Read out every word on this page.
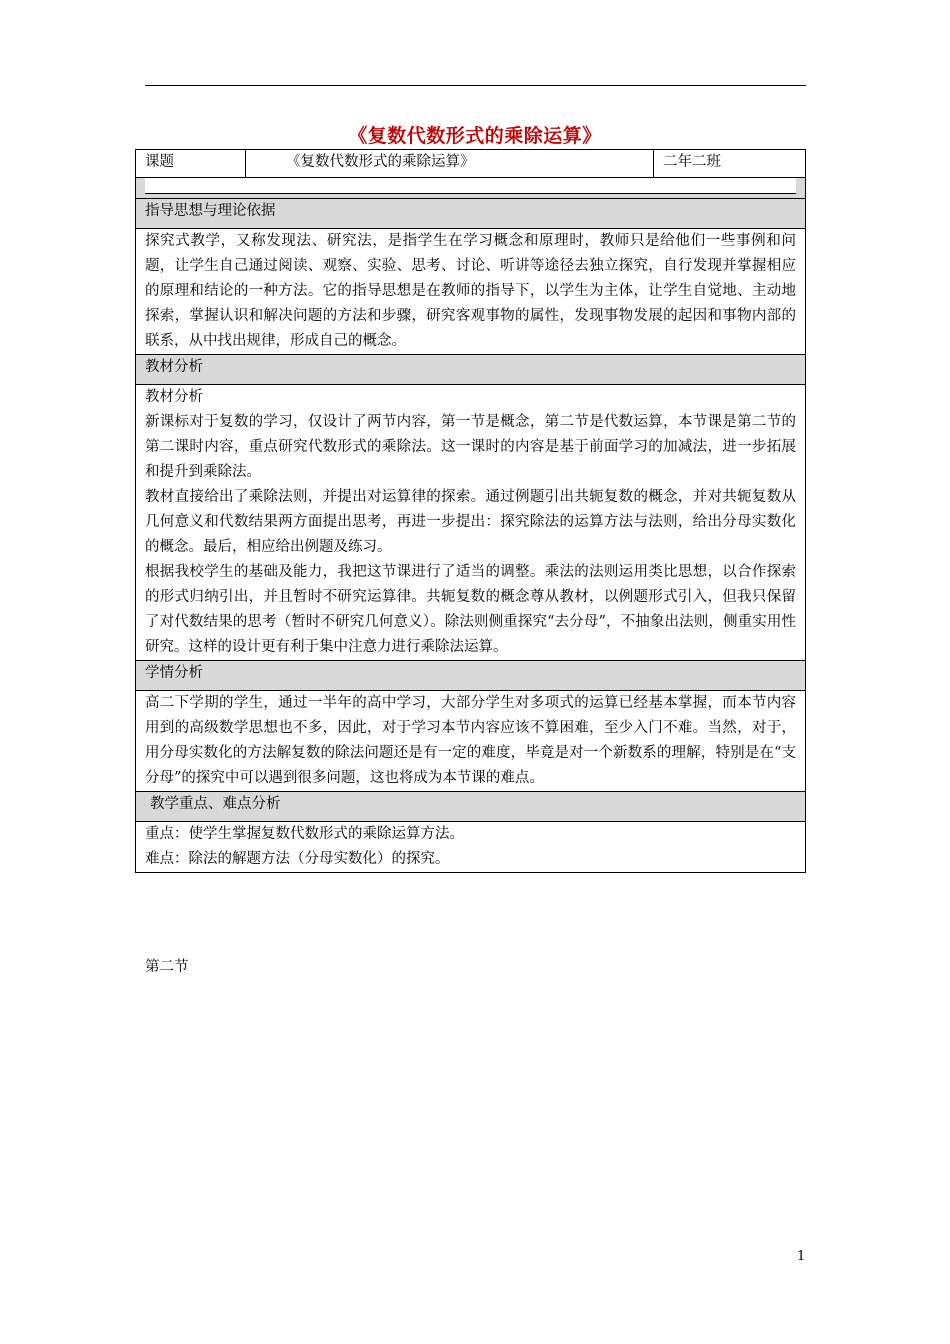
《复数代数形式的乘除运算》
课题	《复数代数形式的乘除运算》	二年二班

指导思想与理论依据

探究式教学，又称发现法、研究法，是指学生在学习概念和原理时，教师只是给他们一些事例和问题，让学生自己通过阅读、观察、实验、思考、讨论、听讲等途径去独立探究，自行发现并掌握相应的原理和结论的一种方法。它的指导思想是在教师的指导下，以学生为主体，让学生自觉地、主动地探索，掌握认识和解决问题的方法和步骤，研究客观事物的属性，发现事物发展的起因和事物内部的联系，从中找出规律，形成自己的概念。

教材分析

教材分析

新课标对于复数的学习，仅设计了两节内容，第一节是概念，第二节是代数运算，本节课是第二节的第二课时内容，重点研究代数形式的乘除法。这一课时的内容是基于前面学习的加减法，进一步拓展和提升到乘除法。

教材直接给出了乘除法则，并提出对运算律的探索。通过例题引出共轭复数的概念，并对共轭复数从几何意义和代数结果两方面提出思考，再进一步提出：探究除法的运算方法与法则，给出分母实数化的概念。最后，相应给出例题及练习。

根据我校学生的基础及能力，我把这节课进行了适当的调整。乘法的法则运用类比思想，以合作探索的形式归纳引出，并且暂时不研究运算律。共轭复数的概念尊从教材，以例题形式引入，但我只保留了对代数结果的思考（暂时不研究几何意义）。除法则侧重探究“去分母”，不抽象出法则，侧重实用性研究。这样的设计更有利于集中注意力进行乘除法运算。

学情分析

高二下学期的学生，通过一半年的高中学习，大部分学生对多项式的运算已经基本掌握，而本节内容用到的高级数学思想也不多，因此，对于学习本节内容应该不算困难，至少入门不难。当然，对于，用分母实数化的方法解复数的除法问题还是有一定的难度，毕竟是对一个新数系的理解，特别是在“支分母”的探究中可以遇到很多问题，这也将成为本节课的难点。

教学重点、难点分析

重点：使学生掌握复数代数形式的乘除运算方法。

难点：除法的解题方法（分母实数化）的探究。

第二节
1
